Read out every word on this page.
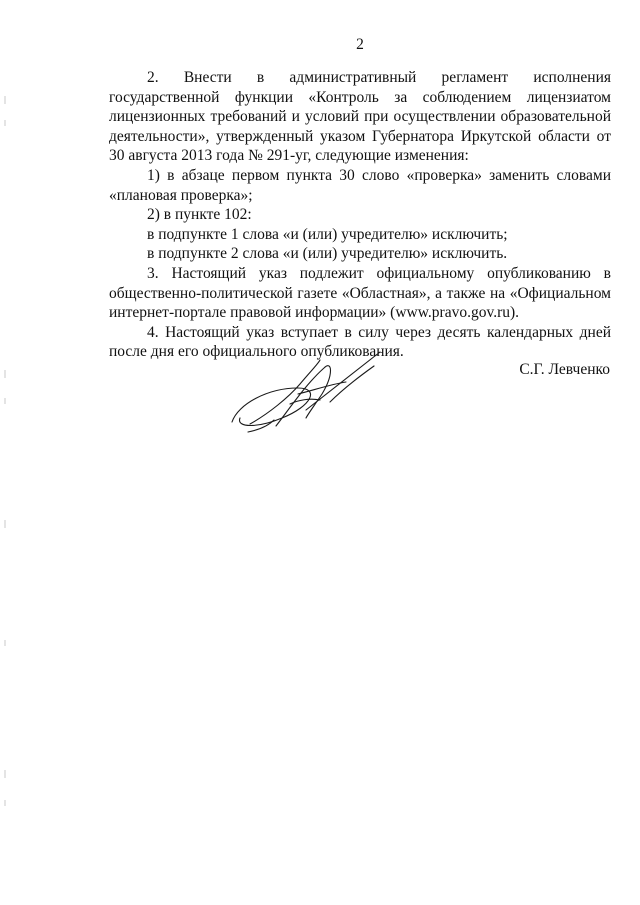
2

2. Внести в административный регламент исполнения государственной функции «Контроль за соблюдением лицензиатом лицензионных требований и условий при осуществлении образовательной деятельности», утвержденный указом Губернатора Иркутской области от 30 августа 2013 года № 291-уг, следующие изменения:

1) в абзаце первом пункта 30 слово «проверка» заменить словами «плановая проверка»;

2) в пункте 102:

в подпункте 1 слова «и (или) учредителю» исключить;

в подпункте 2 слова «и (или) учредителю» исключить.

3. Настоящий указ подлежит официальному опубликованию в общественно-политической газете «Областная», а также на «Официальном интернет-портале правовой информации» (www.pravo.gov.ru).

4. Настоящий указ вступает в силу через десять календарных дней после дня его официального опубликования.

С.Г. Левченко
